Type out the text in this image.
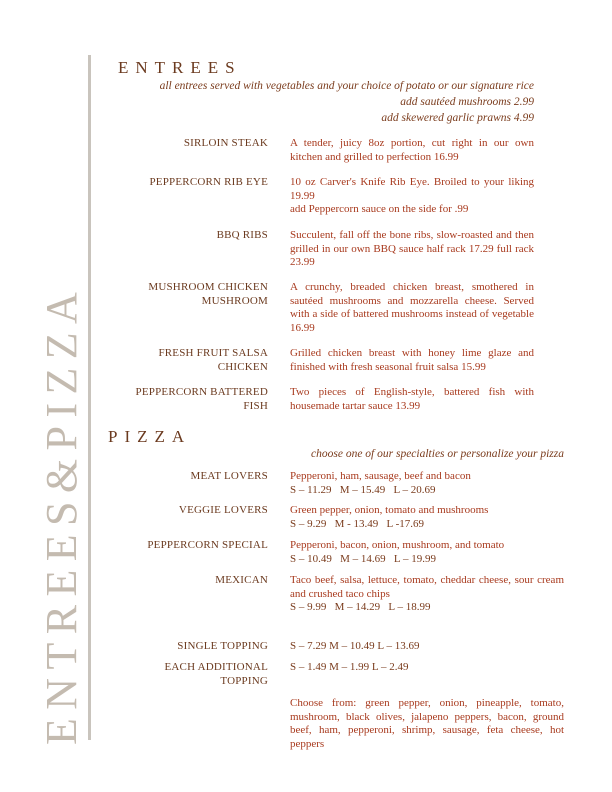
ENTREES&PIZZA
ENTREES
all entrees served with vegetables and your choice of potato or our signature rice
add sautéed mushrooms 2.99
add skewered garlic prawns 4.99
SIRLOIN STEAK A tender, juicy 8oz portion, cut right in our own kitchen and grilled to perfection 16.99
PEPPERCORN RIB EYE 10 oz Carver's Knife Rib Eye. Broiled to your liking 19.99
add Peppercorn sauce on the side for .99
BBQ RIBS Succulent, fall off the bone ribs, slow-roasted and then grilled in our own BBQ sauce half rack 17.29 full rack 23.99
MUSHROOM CHICKEN MUSHROOM
A crunchy, breaded chicken breast, smothered in sautéed mushrooms and mozzarella cheese. Served with a side of battered mushrooms instead of vegetable 16.99
FRESH FRUIT SALSA CHICKEN
Grilled chicken breast with honey lime glaze and finished with fresh seasonal fruit salsa 15.99
PEPPERCORN BATTERED FISH
Two pieces of English-style, battered fish with housemade tartar sauce 13.99
PIZZA
choose one of our specialties or personalize your pizza
MEAT LOVERS Pepperoni, ham, sausage, beef and bacon
S – 11.29   M – 15.49   L – 20.69
VEGGIE LOVERS Green pepper, onion, tomato and mushrooms
S – 9.29   M - 13.49   L -17.69
PEPPERCORN SPECIAL Pepperoni, bacon, onion, mushroom, and tomato
S – 10.49   M – 14.69   L – 19.99
MEXICAN Taco beef, salsa, lettuce, tomato, cheddar cheese, sour cream and crushed taco chips
S – 9.99   M – 14.29   L – 18.99
SINGLE TOPPING S – 7.29 M – 10.49 L – 13.69
EACH ADDITIONAL TOPPING
S – 1.49 M – 1.99 L – 2.49
Choose from: green pepper, onion, pineapple, tomato, mushroom, black olives, jalapeno peppers, bacon, ground beef, ham, pepperoni, shrimp, sausage, feta cheese, hot peppers
